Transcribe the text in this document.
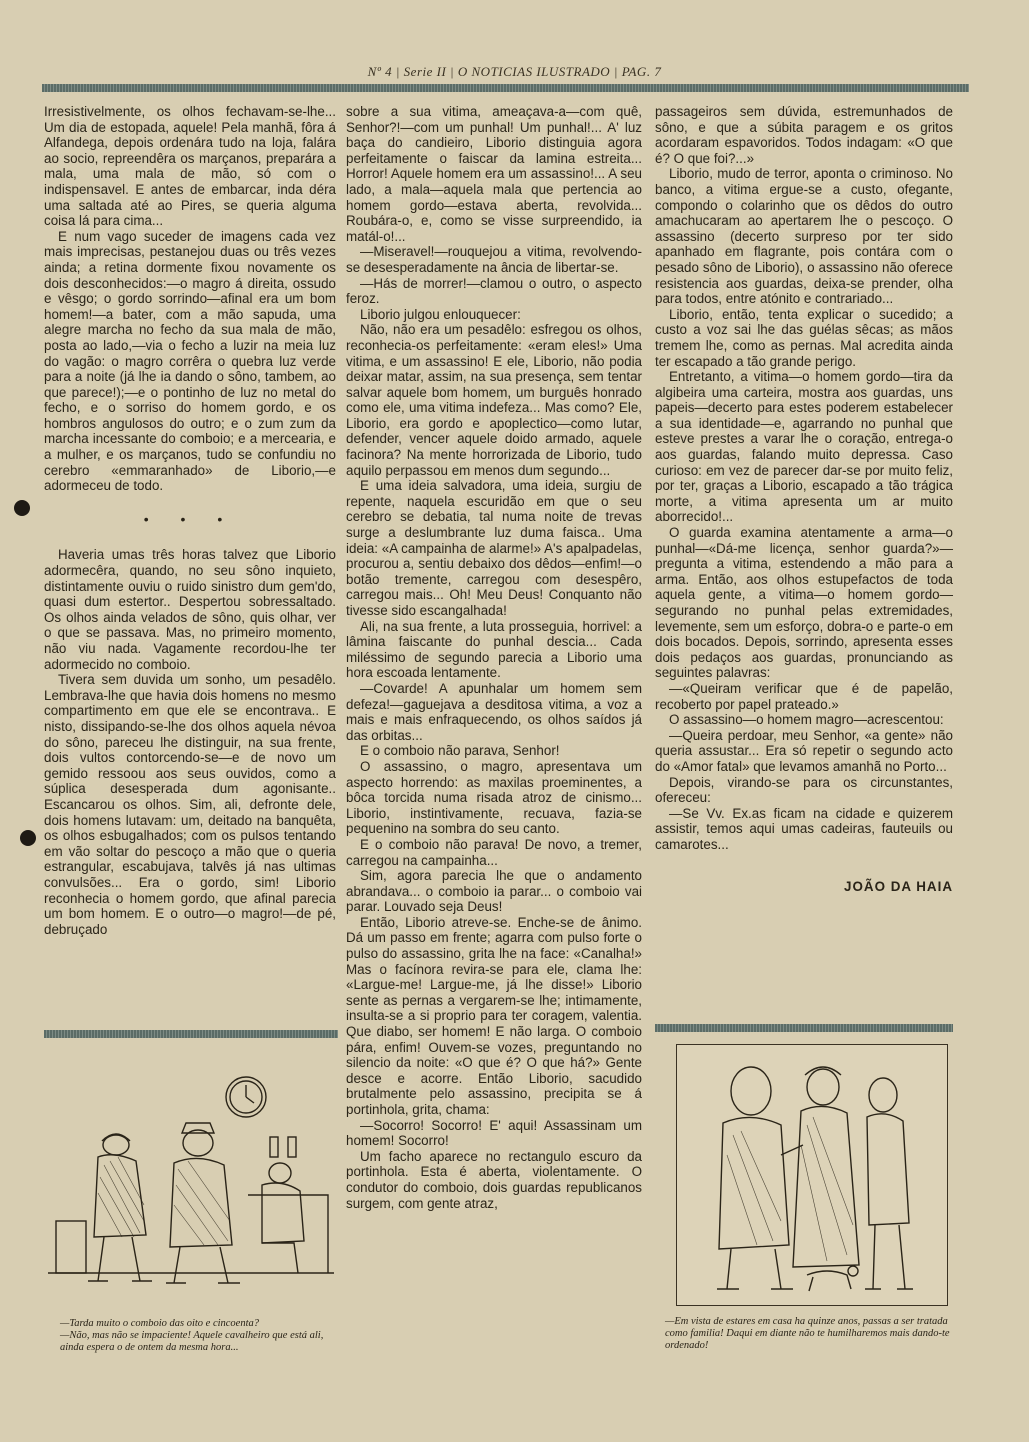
Nº 4 | Serie II | O NOTICIAS ILUSTRADO | PAG. 7

Irresistivelmente, os olhos fechavam-se-lhe... Um dia de estopada, aquele! Pela manhã, fôra á Alfandega, depois ordenára tudo na loja, falára ao socio, repreendêra os marçanos, preparára a mala, uma mala de mão, só com o indispensavel. E antes de embarcar, inda déra uma saltada até ao Pires, se queria alguma coisa lá para cima...

E num vago suceder de imagens cada vez mais imprecisas, pestanejou duas ou três vezes ainda; a retina dormente fixou novamente os dois desconhecidos:—o magro á direita, ossudo e vêsgo; o gordo sorrindo—afinal era um bom homem!—a bater, com a mão sapuda, uma alegre marcha no fecho da sua mala de mão, posta ao lado,—via o fecho a luzir na meia luz do vagão: o magro corrêra o quebra luz verde para a noite (já lhe ia dando o sôno, tambem, ao que parece!);—e o pontinho de luz no metal do fecho, e o sorriso do homem gordo, e os hombros angulosos do outro; e o zum zum da marcha incessante do comboio; e a mercearia, e a mulher, e os marçanos, tudo se confundiu no cerebro «emmaranhado» de Liborio,—e adormeceu de todo.

• • •

Haveria umas três horas talvez que Liborio adormecêra, quando, no seu sôno inquieto, distintamente ouviu o ruido sinistro dum gem'do, quasi dum estertor.. Despertou sobressaltado. Os olhos ainda velados de sôno, quis olhar, ver o que se passava. Mas, no primeiro momento, não viu nada. Vagamente recordou-lhe ter adormecido no comboio.

Tivera sem duvida um sonho, um pesadêlo. Lembrava-lhe que havia dois homens no mesmo compartimento em que ele se encontrava.. E nisto, dissipando-se-lhe dos olhos aquela névoa do sôno, pareceu lhe distinguir, na sua frente, dois vultos contorcendo-se—e de novo um gemido ressoou aos seus ouvidos, como a súplica desesperada dum agonisante.. Escancarou os olhos. Sim, ali, defronte dele, dois homens lutavam: um, deitado na banquêta, os olhos esbugalhados; com os pulsos tentando em vão soltar do pescoço a mão que o queria estrangular, escabujava, talvês já nas ultimas convulsões... Era o gordo, sim! Liborio reconhecia o homem gordo, que afinal parecia um bom homem. E o outro—o magro!—de pé, debruçado

sobre a sua vitima, ameaçava-a—com quê, Senhor?!—com um punhal! Um punhal!... A' luz baça do candieiro, Liborio distinguia agora perfeitamente o faiscar da lamina estreita... Horror! Aquele homem era um assassino!... A seu lado, a mala—aquela mala que pertencia ao homem gordo—estava aberta, revolvida... Roubára-o, e, como se visse surpreendido, ia matál-o!...

—Miseravel!—rouquejou a vitima, revolvendo-se desesperadamente na ância de libertar-se.

—Hás de morrer!—clamou o outro, o aspecto feroz.

Liborio julgou enlouquecer:

Não, não era um pesadêlo: esfregou os olhos, reconhecia-os perfeitamente: «eram eles!» Uma vitima, e um assassino! E ele, Liborio, não podia deixar matar, assim, na sua presença, sem tentar salvar aquele bom homem, um burguês honrado como ele, uma vitima indefeza... Mas como? Ele, Liborio, era gordo e apoplectico—como lutar, defender, vencer aquele doido armado, aquele facinora? Na mente horrorizada de Liborio, tudo aquilo perpassou em menos dum segundo...

E uma ideia salvadora, uma ideia, surgiu de repente, naquela escuridão em que o seu cerebro se debatia, tal numa noite de trevas surge a deslumbrante luz duma faisca.. Uma ideia: «A campainha de alarme!» A's apalpadelas, procurou a, sentiu debaixo dos dêdos—enfim!—o botão tremente, carregou com desespêro, carregou mais... Oh! Meu Deus! Conquanto não tivesse sido escangalhada!

Ali, na sua frente, a luta prosseguia, horrivel: a lâmina faiscante do punhal descia... Cada miléssimo de segundo parecia a Liborio uma hora escoada lentamente.

—Covarde! A apunhalar um homem sem defeza!—gaguejava a desditosa vitima, a voz a mais e mais enfraquecendo, os olhos saídos já das orbitas...

E o comboio não parava, Senhor!

O assassino, o magro, apresentava um aspecto horrendo: as maxilas proeminentes, a bôca torcida numa risada atroz de cinismo... Liborio, instintivamente, recuava, fazia-se pequenino na sombra do seu canto.

E o comboio não parava! De novo, a tremer, carregou na campainha...

Sim, agora parecia lhe que o andamento abrandava... o comboio ia parar... o comboio vai parar. Louvado seja Deus!

Então, Liborio atreve-se. Enche-se de ânimo. Dá um passo em frente; agarra com pulso forte o pulso do assassino, grita lhe na face: «Canalha!» Mas o facínora revira-se para ele, clama lhe: «Largue-me! Largue-me, já lhe disse!» Liborio sente as pernas a vergarem-se lhe; intimamente, insulta-se a si proprio para ter coragem, valentia. Que diabo, ser homem! E não larga. O comboio pára, enfim! Ouvem-se vozes, preguntando no silencio da noite: «O que é? O que há?» Gente desce e acorre. Então Liborio, sacudido brutalmente pelo assassino, precipita se á portinhola, grita, chama:

—Socorro! Socorro! E' aqui! Assassinam um homem! Socorro!

Um facho aparece no rectangulo escuro da portinhola. Esta é aberta, violentamente. O condutor do comboio, dois guardas republicanos surgem, com gente atraz,

passageiros sem dúvida, estremunhados de sôno, e que a súbita paragem e os gritos acordaram espavoridos. Todos indagam: «O que é? O que foi?...»

Liborio, mudo de terror, aponta o criminoso. No banco, a vitima ergue-se a custo, ofegante, compondo o colarinho que os dêdos do outro amachucaram ao apertarem lhe o pescoço. O assassino (decerto surpreso por ter sido apanhado em flagrante, pois contára com o pesado sôno de Liborio), o assassino não oferece resistencia aos guardas, deixa-se prender, olha para todos, entre atónito e contrariado...

Liborio, então, tenta explicar o sucedido; a custo a voz sai lhe das guélas sêcas; as mãos tremem lhe, como as pernas. Mal acredita ainda ter escapado a tão grande perigo.

Entretanto, a vitima—o homem gordo—tira da algibeira uma carteira, mostra aos guardas, uns papeis—decerto para estes poderem estabelecer a sua identidade—e, agarrando no punhal que esteve prestes a varar lhe o coração, entrega-o aos guardas, falando muito depressa. Caso curioso: em vez de parecer dar-se por muito feliz, por ter, graças a Liborio, escapado a tão trágica morte, a vitima apresenta um ar muito aborrecido!...

O guarda examina atentamente a arma—o punhal—«Dá-me licença, senhor guarda?»—pregunta a vitima, estendendo a mão para a arma. Então, aos olhos estupefactos de toda aquela gente, a vitima—o homem gordo—segurando no punhal pelas extremidades, levemente, sem um esforço, dobra-o e parte-o em dois bocados. Depois, sorrindo, apresenta esses dois pedaços aos guardas, pronunciando as seguintes palavras:

—«Queiram verificar que é de papelão, recoberto por papel prateado.»

O assassino—o homem magro—acrescentou:

—Queira perdoar, meu Senhor, «a gente» não queria assustar... Era só repetir o segundo acto do «Amor fatal» que levamos amanhã no Porto...

Depois, virando-se para os circunstantes, ofereceu:

—Se Vv. Ex.as ficam na cidade e quizerem assistir, temos aqui umas cadeiras, fauteuils ou camarotes...

JOÃO DA HAIA
—Tarda muito o comboio das oito e cincoenta?
—Não, mas não se impaciente! Aquele cavalheiro que está ali, ainda espera o de ontem da mesma hora...
—Em vista de estares em casa ha quinze anos, passas a ser tratada como familia! Daqui em diante não te humilharemos mais dando-te ordenado!
